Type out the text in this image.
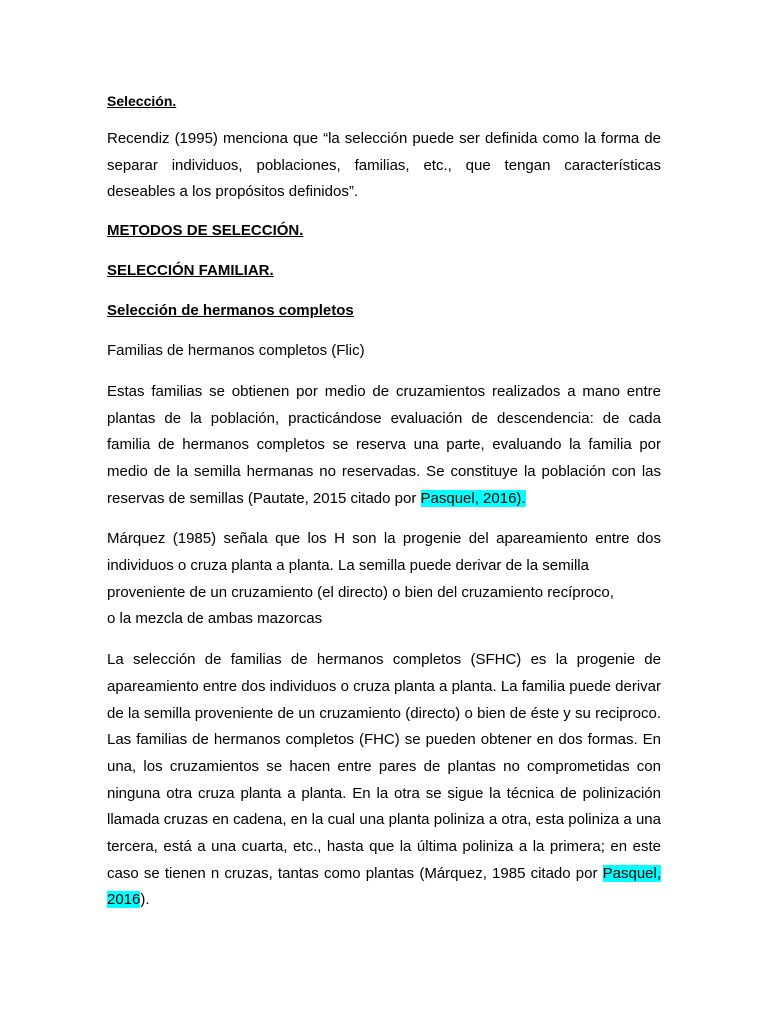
Selección.

Recendiz (1995) menciona que “la selección puede ser definida como la forma de separar individuos, poblaciones, familias, etc., que tengan características deseables a los propósitos definidos”.

METODOS DE SELECCIÓN.
SELECCIÓN FAMILIAR.
Selección de hermanos completos

Familias de hermanos completos (Flic)

Estas familias se obtienen por medio de cruzamientos realizados a mano entre plantas de la población, practicándose evaluación de descendencia: de cada familia de hermanos completos se reserva una parte, evaluando la familia por medio de la semilla hermanas no reservadas. Se constituye la población con las reservas de semillas (Pautate, 2015 citado por Pasquel, 2016).

Márquez (1985) señala que los H son la progenie del apareamiento entre dos individuos o cruza planta a planta. La semilla puede derivar de la semilla

proveniente de un cruzamiento (el directo) o bien del cruzamiento recíproco,
o la mezcla de ambas mazorcas

La selección de familias de hermanos completos (SFHC) es la progenie de apareamiento entre dos individuos o cruza planta a planta. La familia puede derivar de la semilla proveniente de un cruzamiento (directo) o bien de éste y su reciproco. Las familias de hermanos completos (FHC) se pueden obtener en dos formas. En una, los cruzamientos se hacen entre pares de plantas no comprometidas con ninguna otra cruza planta a planta. En la otra se sigue la técnica de polinización llamada cruzas en cadena, en la cual una planta poliniza a otra, esta poliniza a una tercera, está a una cuarta, etc., hasta que la última poliniza a la primera; en este caso se tienen n cruzas, tantas como plantas (Márquez, 1985 citado por Pasquel, 2016).
